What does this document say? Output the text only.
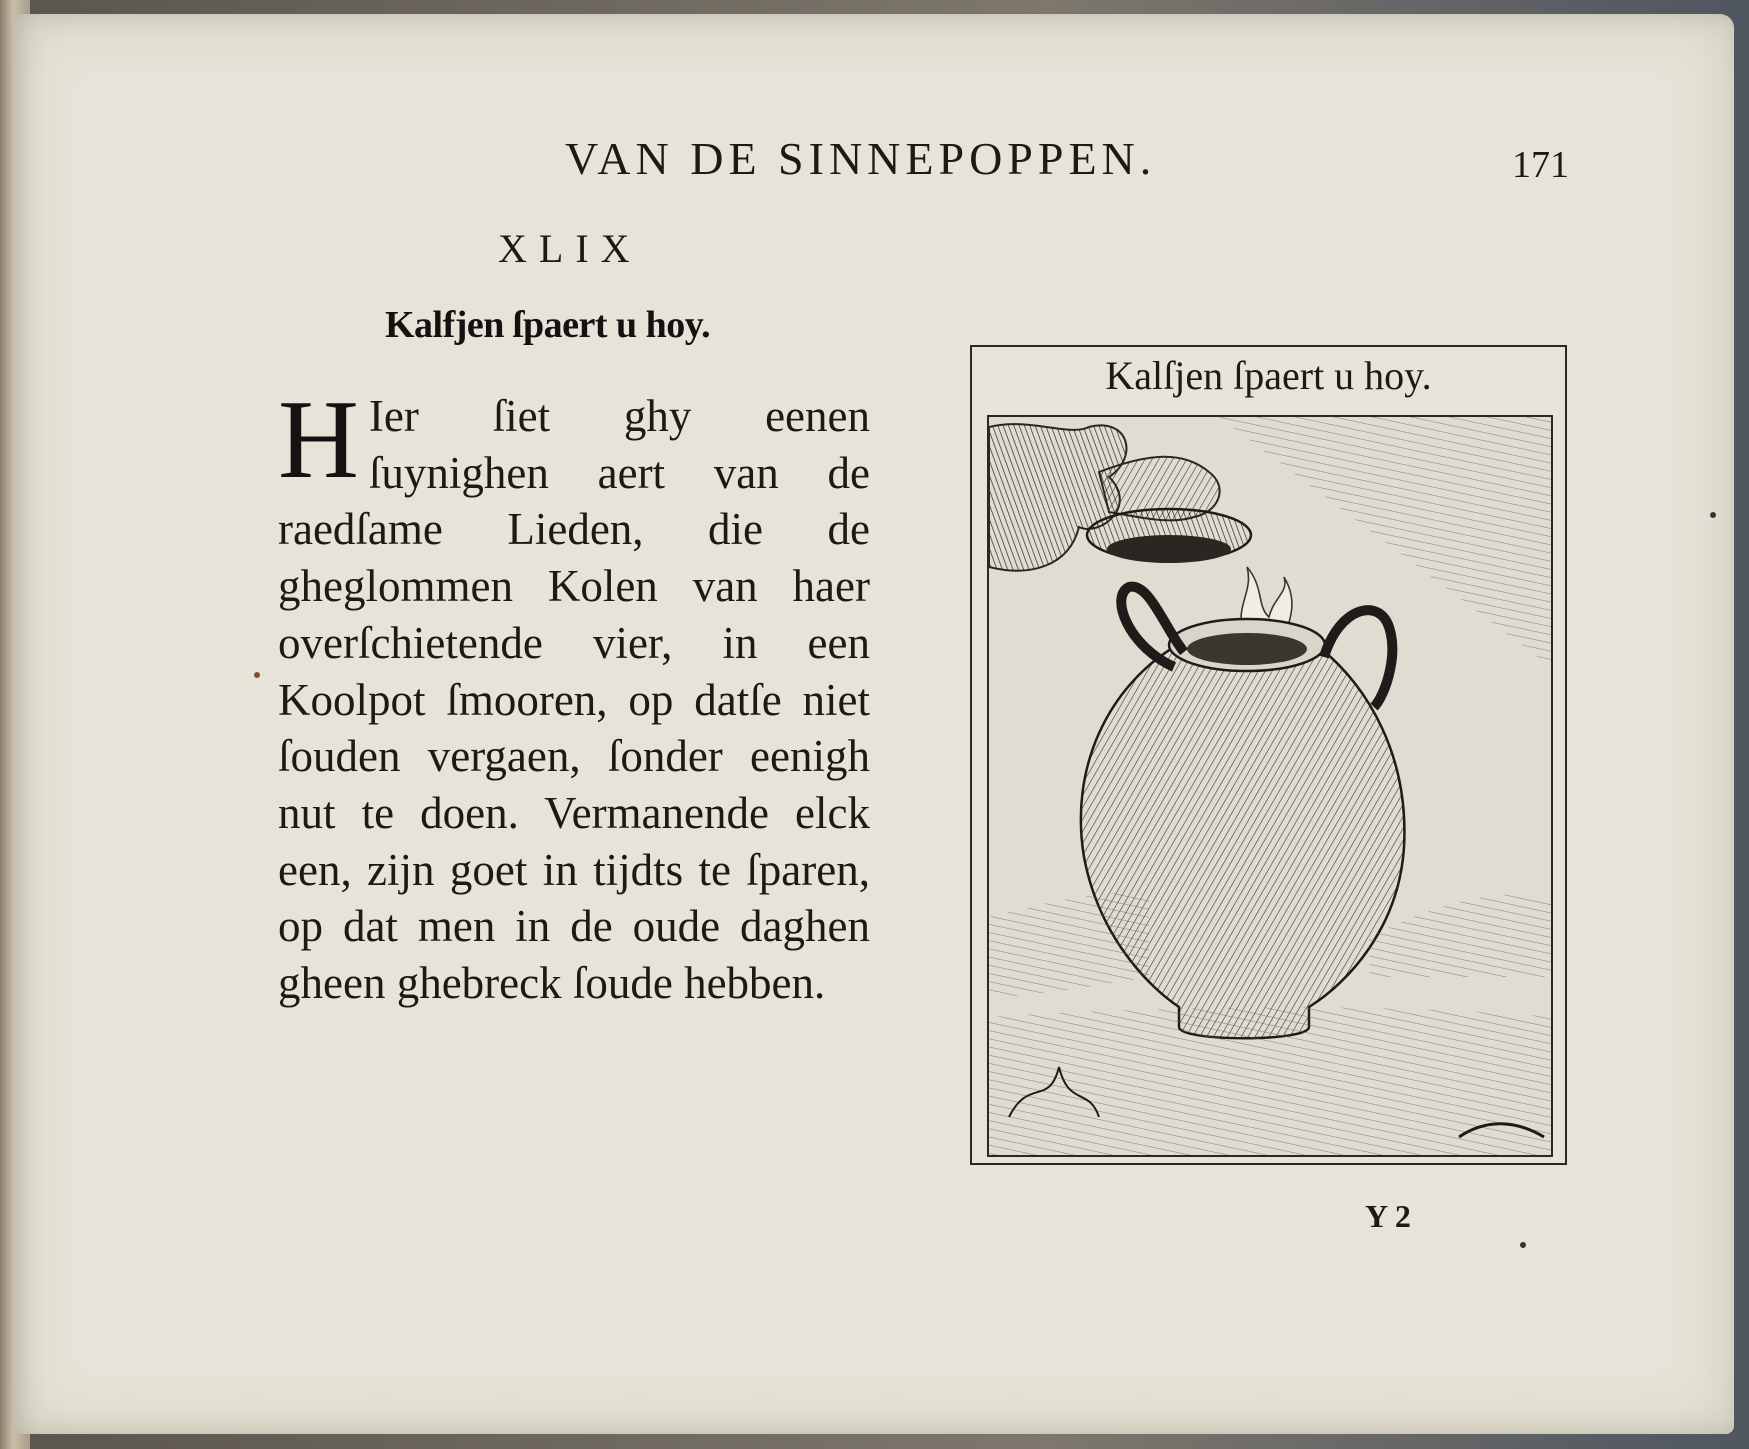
VAN DE SINNEPOPPEN.	171
XLIX
Kalfjen ſpaert u hoy.
H Ier ſiet ghy eenen ſuynighen aert van de raedſame Lieden, die de gheglommen Kolen van haer overſchietende vier, in een Koolpot ſmooren, op datſe niet ſouden vergaen, ſonder eenigh nut te doen. Vermanende elck een, zijn goet in tijdts te ſparen, op dat men in de oude daghen gheen ghebreck ſoude hebben.
Kalſjen ſpaert u hoy.
Y 2
